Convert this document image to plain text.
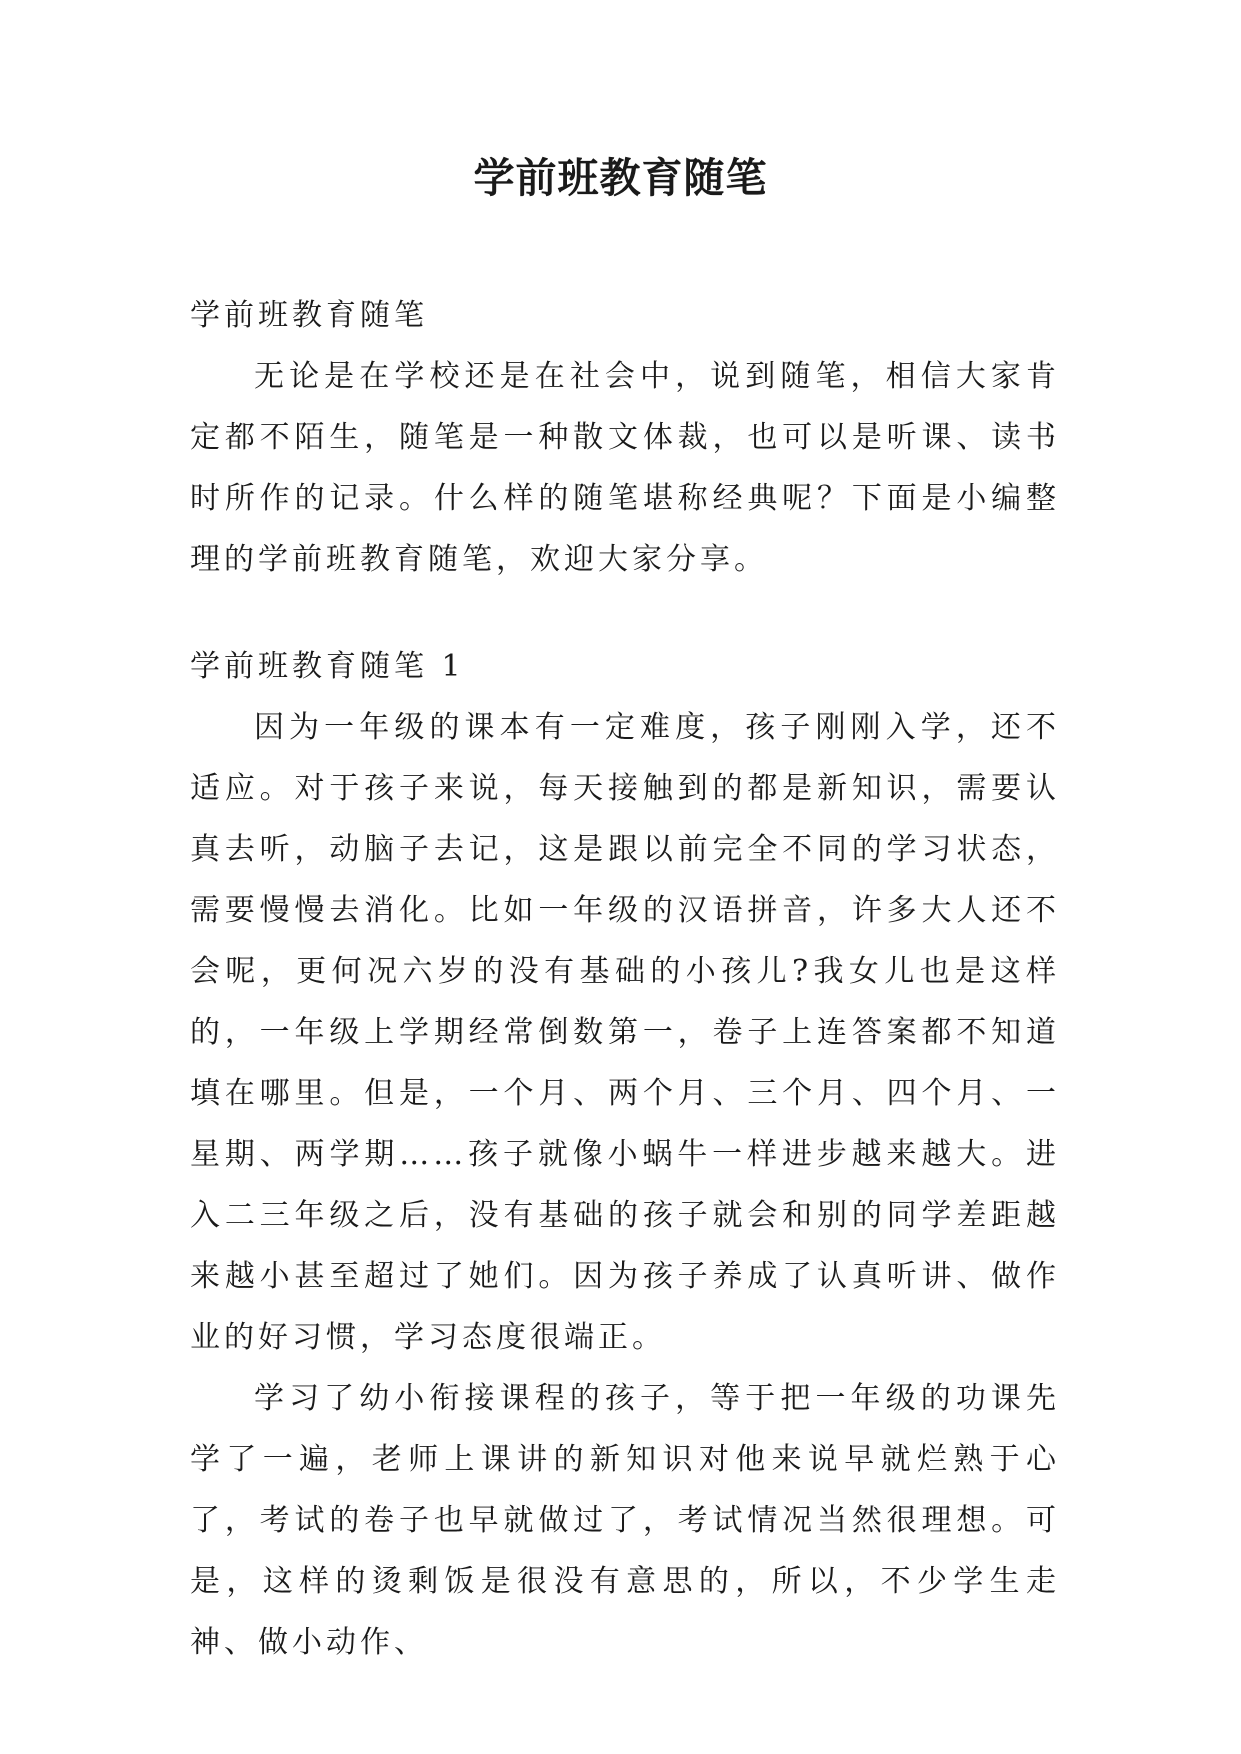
学前班教育随笔

学前班教育随笔

无论是在学校还是在社会中，说到随笔，相信大家肯定都不陌生，随笔是一种散文体裁，也可以是听课、读书时所作的记录。什么样的随笔堪称经典呢？下面是小编整理的学前班教育随笔，欢迎大家分享。

学前班教育随笔 1

因为一年级的课本有一定难度，孩子刚刚入学，还不适应。对于孩子来说，每天接触到的都是新知识，需要认真去听，动脑子去记，这是跟以前完全不同的学习状态，需要慢慢去消化。比如一年级的汉语拼音，许多大人还不会呢，更何况六岁的没有基础的小孩儿?我女儿也是这样的，一年级上学期经常倒数第一，卷子上连答案都不知道填在哪里。但是，一个月、两个月、三个月、四个月、一星期、两学期……孩子就像小蜗牛一样进步越来越大。进入二三年级之后，没有基础的孩子就会和别的同学差距越来越小甚至超过了她们。因为孩子养成了认真听讲、做作业的好习惯，学习态度很端正。

学习了幼小衔接课程的孩子，等于把一年级的功课先学了一遍，老师上课讲的新知识对他来说早就烂熟于心了，考试的卷子也早就做过了，考试情况当然很理想。可是，这样的烫剩饭是很没有意思的，所以，不少学生走神、做小动作、
